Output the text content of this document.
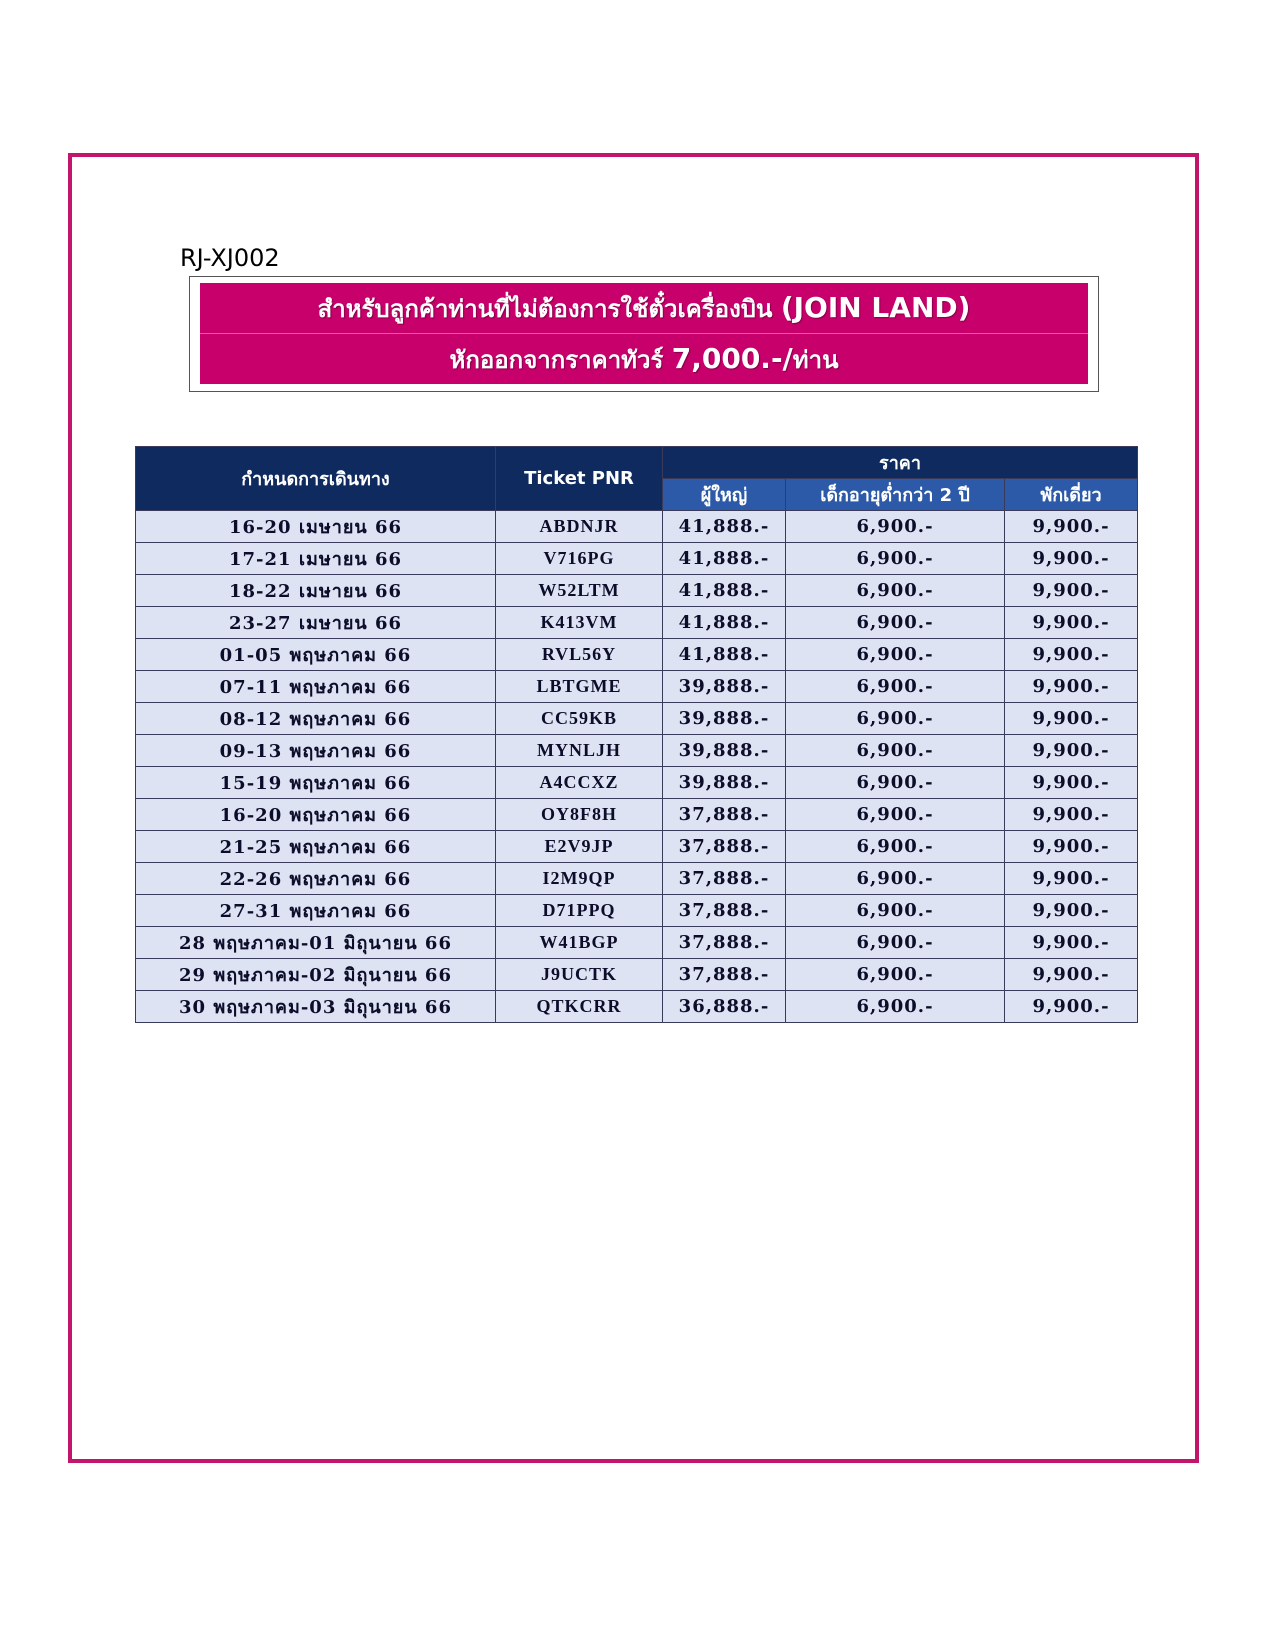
RJ-XJ002
สำหรับลูกค้าท่านที่ไม่ต้องการใช้ตั๋วเครื่องบิน (JOIN LAND)
หักออกจากราคาทัวร์ 7,000.-/ท่าน
กำหนดการเดินทาง	Ticket PNR	ราคา		
		ผู้ใหญ่	เด็กอายุต่ำกว่า 2 ปี	พักเดี่ยว
16-20 เมษายน 66	ABDNJR	41,888.-	6,900.-	9,900.-
17-21 เมษายน 66	V716PG	41,888.-	6,900.-	9,900.-
18-22 เมษายน 66	W52LTM	41,888.-	6,900.-	9,900.-
23-27 เมษายน 66	K413VM	41,888.-	6,900.-	9,900.-
01-05 พฤษภาคม 66	RVL56Y	41,888.-	6,900.-	9,900.-
07-11 พฤษภาคม 66	LBTGME	39,888.-	6,900.-	9,900.-
08-12 พฤษภาคม 66	CC59KB	39,888.-	6,900.-	9,900.-
09-13 พฤษภาคม 66	MYNLJH	39,888.-	6,900.-	9,900.-
15-19 พฤษภาคม 66	A4CCXZ	39,888.-	6,900.-	9,900.-
16-20 พฤษภาคม 66	OY8F8H	37,888.-	6,900.-	9,900.-
21-25 พฤษภาคม 66	E2V9JP	37,888.-	6,900.-	9,900.-
22-26 พฤษภาคม 66	I2M9QP	37,888.-	6,900.-	9,900.-
27-31 พฤษภาคม 66	D71PPQ	37,888.-	6,900.-	9,900.-
28 พฤษภาคม-01 มิถุนายน 66	W41BGP	37,888.-	6,900.-	9,900.-
29 พฤษภาคม-02 มิถุนายน 66	J9UCTK	37,888.-	6,900.-	9,900.-
30 พฤษภาคม-03 มิถุนายน 66	QTKCRR	36,888.-	6,900.-	9,900.-
